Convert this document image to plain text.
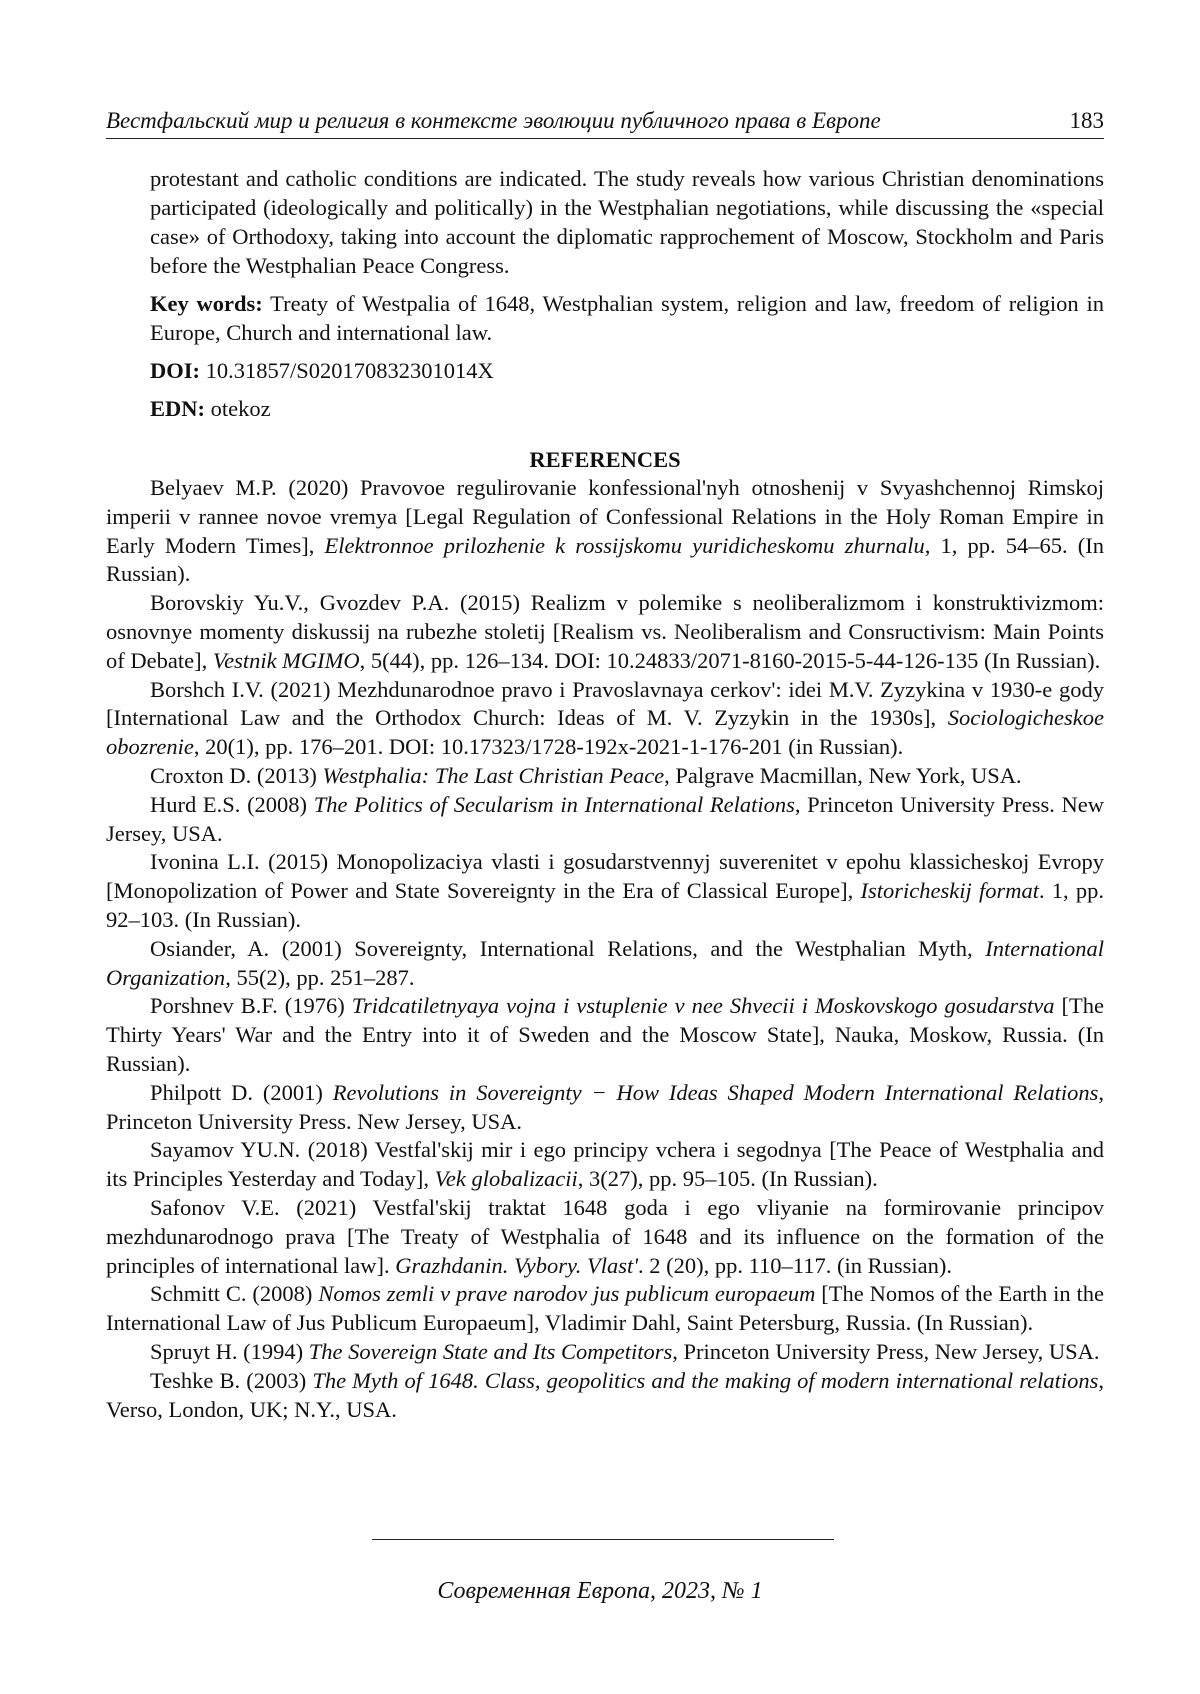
Вестфальский мир и религия в контексте эволюции публичного права в Европе	183

protestant and catholic conditions are indicated. The study reveals how various Christian denominations participated (ideologically and politically) in the Westphalian negotiations, while discussing the «special case» of Orthodoxy, taking into account the diplomatic rapprochement of Moscow, Stockholm and Paris before the Westphalian Peace Congress.

Key words: Treaty of Westpalia of 1648, Westphalian system, religion and law, freedom of religion in Europe, Church and international law.

DOI: 10.31857/S020170832301014X

EDN: otekoz

REFERENCES

Belyaev M.P. (2020) Pravovoe regulirovanie konfessional'nyh otnoshenij v Svyashchennoj Rimskoj imperii v rannee novoe vremya [Legal Regulation of Confessional Relations in the Holy Roman Empire in Early Modern Times], Elektronnoe prilozhenie k rossijskomu yuridicheskomu zhurnalu, 1, pp. 54–65. (In Russian).

Borovskiy Yu.V., Gvozdev P.A. (2015) Realizm v polemike s neoliberalizmom i konstruktivizmom: osnovnye momenty diskussij na rubezhe stoletij [Realism vs. Neoliberalism and Consructivism: Main Points of Debate], Vestnik MGIMO, 5(44), pp. 126–134. DOI: 10.24833/2071-8160-2015-5-44-126-135 (In Russian).

Borshch I.V. (2021) Mezhdunarodnoe pravo i Pravoslavnaya cerkov': idei M.V. Zyzykina v 1930-e gody [International Law and the Orthodox Church: Ideas of M. V. Zyzykin in the 1930s], Sociologicheskoe obozrenie, 20(1), pp. 176–201. DOI: 10.17323/1728-192x-2021-1-176-201 (in Russian).

Croxton D. (2013) Westphalia: The Last Christian Peace, Palgrave Macmillan, New York, USA.

Hurd E.S. (2008) The Politics of Secularism in International Relations, Princeton University Press. New Jersey, USA.

Ivonina L.I. (2015) Monopolizaciya vlasti i gosudarstvennyj suverenitet v epohu klassicheskoj Evropy [Monopolization of Power and State Sovereignty in the Era of Classical Europe], Istoricheskij format. 1, pp. 92–103. (In Russian).

Osiander, A. (2001) Sovereignty, International Relations, and the Westphalian Myth, International Organization, 55(2), pp. 251–287.

Porshnev B.F. (1976) Tridcatiletnyaya vojna i vstuplenie v nee Shvecii i Moskovskogo gosudarstva [The Thirty Years' War and the Entry into it of Sweden and the Moscow State], Nauka, Moskow, Russia. (In Russian).

Philpott D. (2001) Revolutions in Sovereignty − How Ideas Shaped Modern International Relations, Princeton University Press. New Jersey, USA.

Sayamov YU.N. (2018) Vestfal'skij mir i ego principy vchera i segodnya [The Peace of Westphalia and its Principles Yesterday and Today], Vek globalizacii, 3(27), pp. 95–105. (In Russian).

Safonov V.E. (2021) Vestfal'skij traktat 1648 goda i ego vliyanie na formirovanie principov mezhdunarodnogo prava [The Treaty of Westphalia of 1648 and its influence on the formation of the principles of international law]. Grazhdanin. Vybory. Vlast'. 2 (20), pp. 110–117. (in Russian).

Schmitt C. (2008) Nomos zemli v prave narodov jus publicum europaeum [The Nomos of the Earth in the International Law of Jus Publicum Europaeum], Vladimir Dahl, Saint Petersburg, Russia. (In Russian).

Spruyt H. (1994) The Sovereign State and Its Competitors, Princeton University Press, New Jersey, USA.

Teshke B. (2003) The Myth of 1648. Class, geopolitics and the making of modern international relations, Verso, London, UK; N.Y., USA.

Современная Европа, 2023, № 1
